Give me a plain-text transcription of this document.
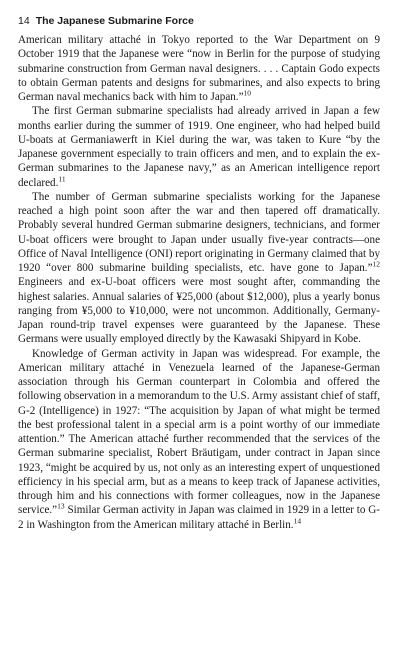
14 The Japanese Submarine Force

American military attaché in Tokyo reported to the War Department on 9 October 1919 that the Japanese were “now in Berlin for the purpose of studying submarine construction from German naval designers. . . . Captain Godo expects to obtain German patents and designs for submarines, and also expects to bring German naval mechanics back with him to Japan.”$^{10}$

The first German submarine specialists had already arrived in Japan a few months earlier during the summer of 1919. One engineer, who had helped build U-boats at Germaniawerft in Kiel during the war, was taken to Kure “by the Japanese government especially to train officers and men, and to explain the ex-German submarines to the Japanese navy,” as an American intelligence report declared.$^{11}$

The number of German submarine specialists working for the Japanese reached a high point soon after the war and then tapered off dramatically. Probably several hundred German submarine designers, technicians, and former U-boat officers were brought to Japan under usually five-year contracts—one Office of Naval Intelligence (ONI) report originating in Germany claimed that by 1920 “over 800 submarine building specialists, etc. have gone to Japan.”$^{12}$ Engineers and ex-U-boat officers were most sought after, commanding the highest salaries. Annual salaries of ¥25,000 (about $12,000), plus a yearly bonus ranging from ¥5,000 to ¥10,000, were not uncommon. Additionally, Germany-Japan round-trip travel expenses were guaranteed by the Japanese. These Germans were usually employed directly by the Kawasaki Shipyard in Kobe.

Knowledge of German activity in Japan was widespread. For example, the American military attaché in Venezuela learned of the Japanese-German association through his German counterpart in Colombia and offered the following observation in a memorandum to the U.S. Army assistant chief of staff, G-2 (Intelligence) in 1927: “The acquisition by Japan of what might be termed the best professional talent in a special arm is a point worthy of our immediate attention.” The American attaché further recommended that the services of the German submarine specialist, Robert Bräutigam, under contract in Japan since 1923, “might be acquired by us, not only as an interesting expert of unquestioned efficiency in his special arm, but as a means to keep track of Japanese activities, through him and his connections with former colleagues, now in the Japanese service.”$^{13}$ Similar German activity in Japan was claimed in 1929 in a letter to G-2 in Washington from the American military attaché in Berlin.$^{14}$
